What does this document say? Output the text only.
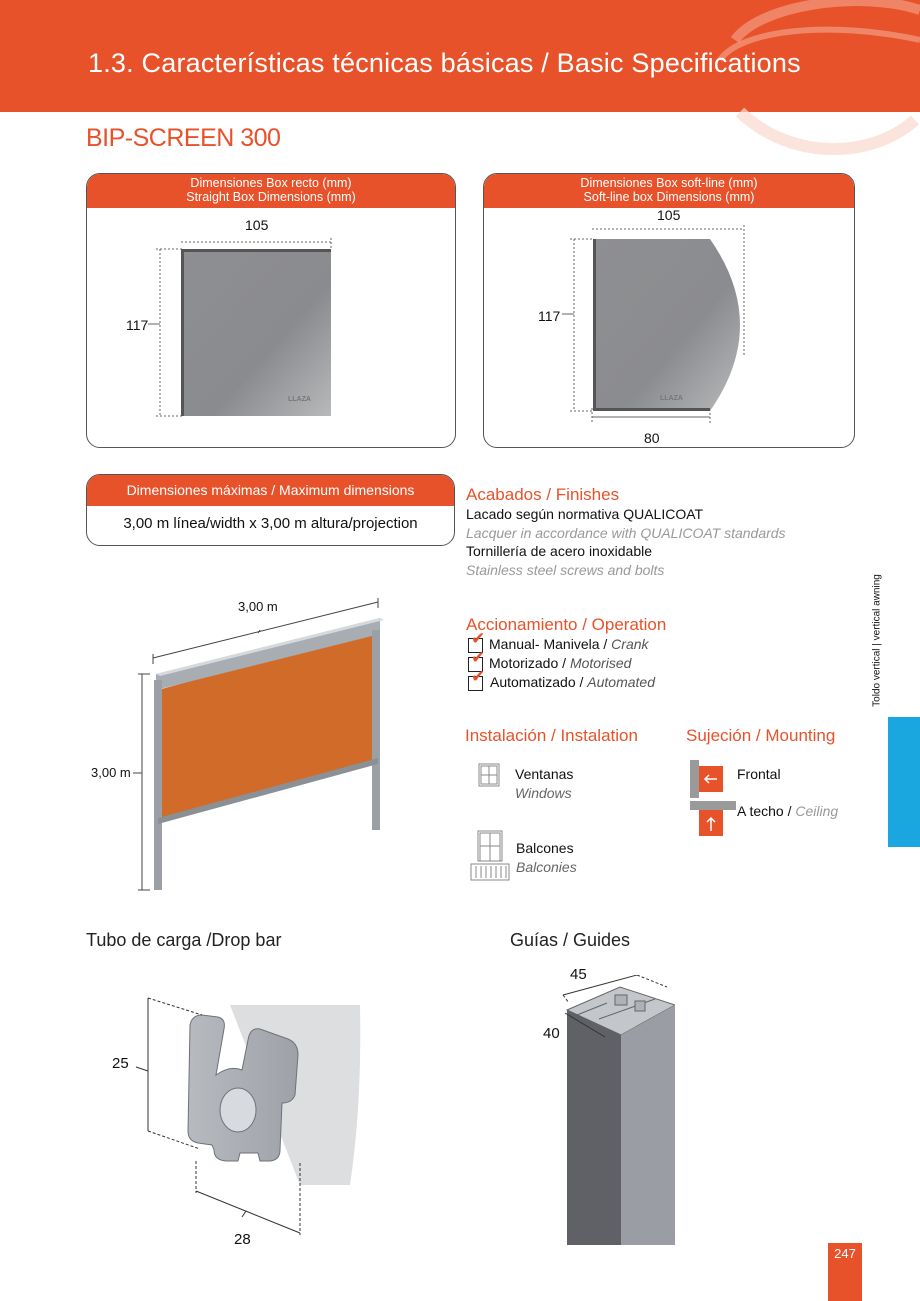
1.3. Características técnicas básicas / Basic Specifications
BIP-SCREEN 300
Dimensiones Box recto (mm)
Straight Box Dimensions (mm)
105
117
LLAZA
Dimensiones Box soft-line (mm)
Soft-line box Dimensions (mm)
105
117
80
LLAZA
Dimensiones máximas / Maximum dimensions
3,00 m línea/width x 3,00 m altura/projection
3,00 m
3,00 m
Acabados / Finishes
Lacado según normativa QUALICOAT
Lacquer in accordance with QUALICOAT standards
Tornillería de acero inoxidable
Stainless steel screws and bolts
Accionamiento / Operation
✔ Manual- Manivela / Crank
✔ Motorizado / Motorised
✔ Automatizado / Automated
Instalación / Instalation
Ventanas
Windows
Balcones
Balconies
Sujeción / Mounting
Frontal
A techo / Ceiling
Toldo vertical | vertical awning
Tubo de carga /Drop bar
25
28
Guías / Guides
45
40
247
